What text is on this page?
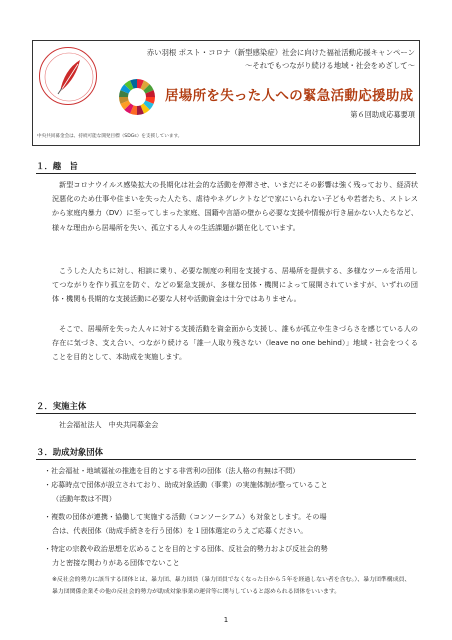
赤い羽根 ポスト・コロナ（新型感染症）社会に向けた福祉活動応援キャンペーン
〜それでもつながり続ける地域・社会をめざして〜
居場所を失った人への緊急活動応援助成
第６回助成応募要項
中央共同募金会は、持続可能な開発目標（SDGs）を支援しています。
１．趣　旨
新型コロナウイルス感染拡大の長期化は社会的な活動を停滞させ、いまだにその影響は強く残っており、経済状況悪化のため仕事や住まいを失った人たち、虐待やネグレクトなどで家にいられない子どもや若者たち、ストレスから家庭内暴力（DV）に至ってしまった家庭、国籍や言語の壁から必要な支援や情報が行き届かない人たちなど、様々な理由から居場所を失い、孤立する人々の生活課題が顕在化しています。
こうした人たちに対し、相談に乗り、必要な制度の利用を支援する、居場所を提供する、多様なツールを活用してつながりを作り孤立を防ぐ、などの緊急支援が、多様な団体・機関によって展開されていますが、いずれの団体・機関も長期的な支援活動に必要な人材や活動資金は十分ではありません。
そこで、居場所を失った人々に対する支援活動を資金面から支援し、誰もが孤立や生きづらさを感じている人の存在に気づき、支え合い、つながり続ける「誰一人取り残さない（leave no one behind）」地域・社会をつくることを目的として、本助成を実施します。
２．実施主体
社会福祉法人　中央共同募金会
３．助成対象団体
・社会福祉・地域福祉の推進を目的とする非営利の団体（法人格の有無は不問）
・応募時点で団体が設立されており、助成対象活動（事業）の実施体制が整っていること
（活動年数は不問）
・複数の団体が連携・協働して実施する活動（コンソーシアム）も対象とします。その場
合は、代表団体（助成手続きを行う団体）を１団体選定のうえご応募ください。
・特定の宗教や政治思想を広めることを目的とする団体、反社会的勢力および反社会的勢
力と密接な関わりがある団体でないこと
※反社会的勢力に該当する団体とは、暴力団、暴力団員（暴力団員でなくなった日から５年を経過しない者を含む。）、暴力団準構成員、暴力団関係企業その他の反社会的勢力が助成対象事業の運営等に関与していると認められる団体をいいます。
1
